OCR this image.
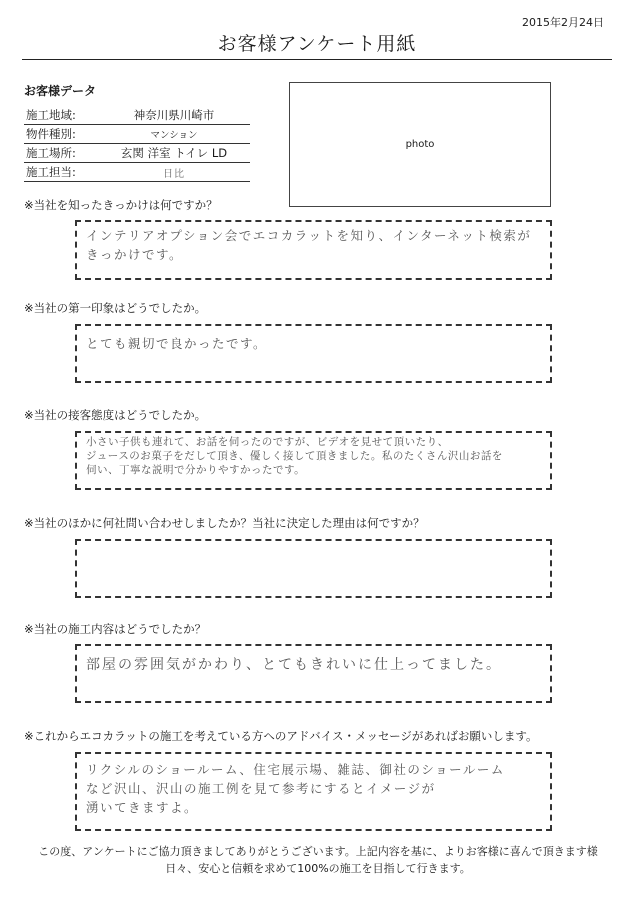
2015年2月24日
お客様アンケート用紙
お客様データ
施工地域:	神奈川県川崎市
物件種別:	マンション
施工場所:	玄関 洋室 トイレ LD
施工担当:	日比
photo
※当社を知ったきっかけは何ですか？
インテリアオプション会でエコカラットを知り、インターネット検索が
きっかけです。
※当社の第一印象はどうでしたか。
とても親切で良かったです。
※当社の接客態度はどうでしたか。
小さい子供も連れて、お話を伺ったのですが、ビデオを見せて頂いたり、
ジュースのお菓子をだして頂き、優しく接して頂きました。私のたくさん沢山お話を
伺い、丁寧な説明で分かりやすかったです。
※当社のほかに何社問い合わせしましたか？当社に決定した理由は何ですか？
※当社の施工内容はどうでしたか？
部屋の雰囲気がかわり、とてもきれいに仕上ってました。
※これからエコカラットの施工を考えている方へのアドバイス・メッセージがあればお願いします。
リクシルのショールーム、住宅展示場、雑誌、御社のショールーム
など沢山、沢山の施工例を見て参考にするとイメージが
湧いてきますよ。
この度、アンケートにご協力頂きましてありがとうございます。上記内容を基に、よりお客様に喜んで頂きます様
日々、安心と信頼を求めて100%の施工を目指して行きます。
